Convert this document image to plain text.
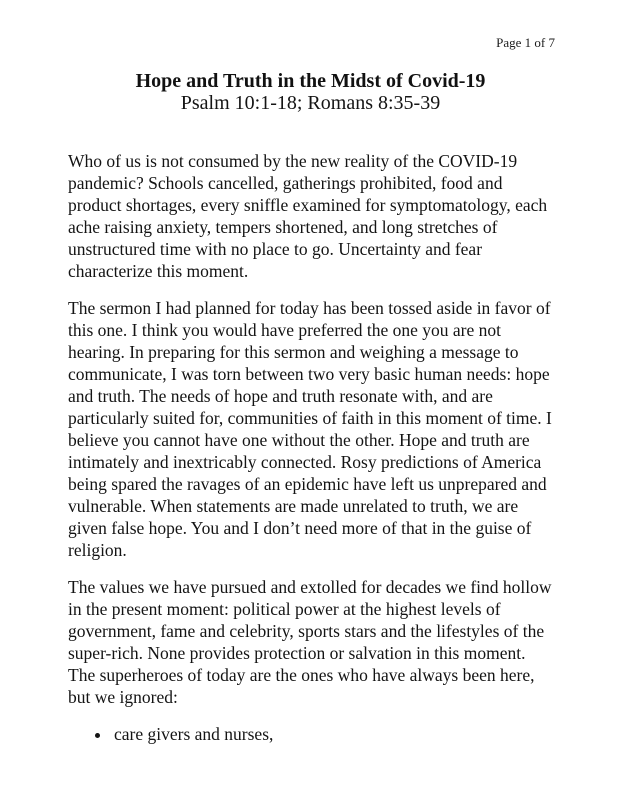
Page 1 of 7
Hope and Truth in the Midst of Covid-19
Psalm 10:1-18; Romans 8:35-39

Who of us is not consumed by the new reality of the COVID-19 pandemic? Schools cancelled, gatherings prohibited, food and product shortages, every sniffle examined for symptomatology, each ache raising anxiety, tempers shortened, and long stretches of unstructured time with no place to go. Uncertainty and fear characterize this moment.

The sermon I had planned for today has been tossed aside in favor of this one. I think you would have preferred the one you are not hearing. In preparing for this sermon and weighing a message to communicate, I was torn between two very basic human needs: hope and truth. The needs of hope and truth resonate with, and are particularly suited for, communities of faith in this moment of time. I believe you cannot have one without the other. Hope and truth are intimately and inextricably connected. Rosy predictions of America being spared the ravages of an epidemic have left us unprepared and vulnerable. When statements are made unrelated to truth, we are given false hope. You and I don’t need more of that in the guise of religion.

The values we have pursued and extolled for decades we find hollow in the present moment: political power at the highest levels of government, fame and celebrity, sports stars and the lifestyles of the super-rich. None provides protection or salvation in this moment. The superheroes of today are the ones who have always been here, but we ignored:

• care givers and nurses,
